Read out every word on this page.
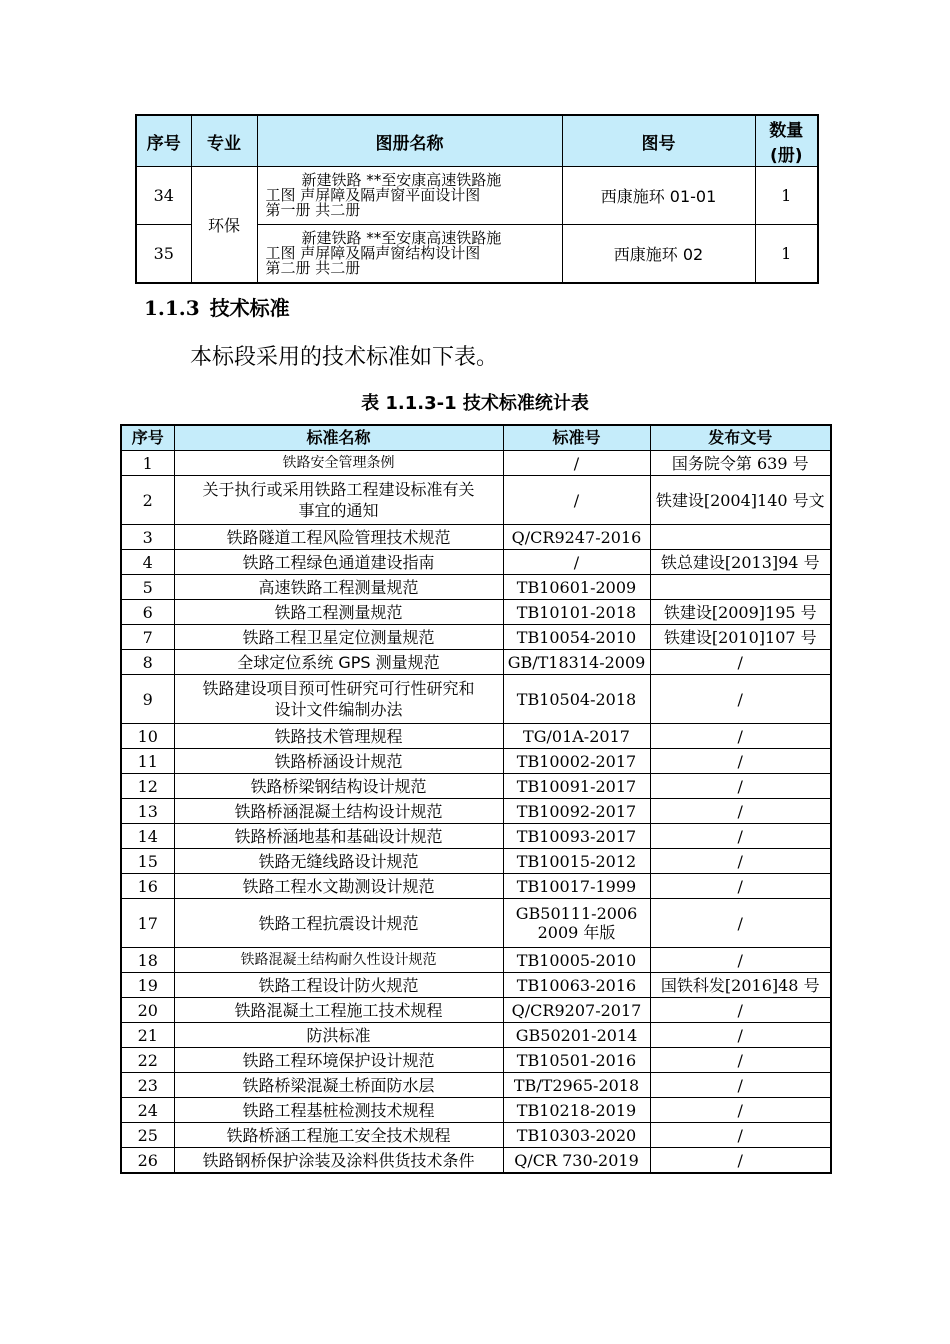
序号	专业	图册名称	图号	数量
(册)
34	环保	新建铁路 **至安康高速铁路施
工图 声屏障及隔声窗平面设计图
第一册 共二册	西康施环 01-01	1
35		新建铁路 **至安康高速铁路施
工图 声屏障及隔声窗结构设计图
第二册 共二册	西康施环 02	1
1.1.3 技术标准
本标段采用的技术标准如下表。
表 1.1.3-1 技术标准统计表
序号	标准名称	标准号	发布文号
1	铁路安全管理条例	/	国务院令第 639 号
2	关于执行或采用铁路工程建设标准有关
事宜的通知	/	铁建设[2004]140 号文
3	铁路隧道工程风险管理技术规范	Q/CR9247-2016	

4	铁路工程绿色通道建设指南	/	铁总建设[2013]94 号
5	高速铁路工程测量规范	TB10601-2009	

6	铁路工程测量规范	TB10101-2018	铁建设[2009]195 号
7	铁路工程卫星定位测量规范	TB10054-2010	铁建设[2010]107 号
8	全球定位系统 GPS 测量规范	GB/T18314-2009	/
9	铁路建设项目预可性研究可行性研究和
设计文件编制办法	TB10504-2018	/
10	铁路技术管理规程	TG/01A-2017	/
11	铁路桥涵设计规范	TB10002-2017	/
12	铁路桥梁钢结构设计规范	TB10091-2017	/
13	铁路桥涵混凝土结构设计规范	TB10092-2017	/
14	铁路桥涵地基和基础设计规范	TB10093-2017	/
15	铁路无缝线路设计规范	TB10015-2012	/
16	铁路工程水文勘测设计规范	TB10017-1999	/
17	铁路工程抗震设计规范	GB50111-2006
2009 年版	/
18	铁路混凝土结构耐久性设计规范	TB10005-2010	/
19	铁路工程设计防火规范	TB10063-2016	国铁科发[2016]48 号
20	铁路混凝土工程施工技术规程	Q/CR9207-2017	/
21	防洪标准	GB50201-2014	/
22	铁路工程环境保护设计规范	TB10501-2016	/
23	铁路桥梁混凝土桥面防水层	TB/T2965-2018	/
24	铁路工程基桩检测技术规程	TB10218-2019	/
25	铁路桥涵工程施工安全技术规程	TB10303-2020	/
26	铁路钢桥保护涂装及涂料供货技术条件	Q/CR 730-2019	/
